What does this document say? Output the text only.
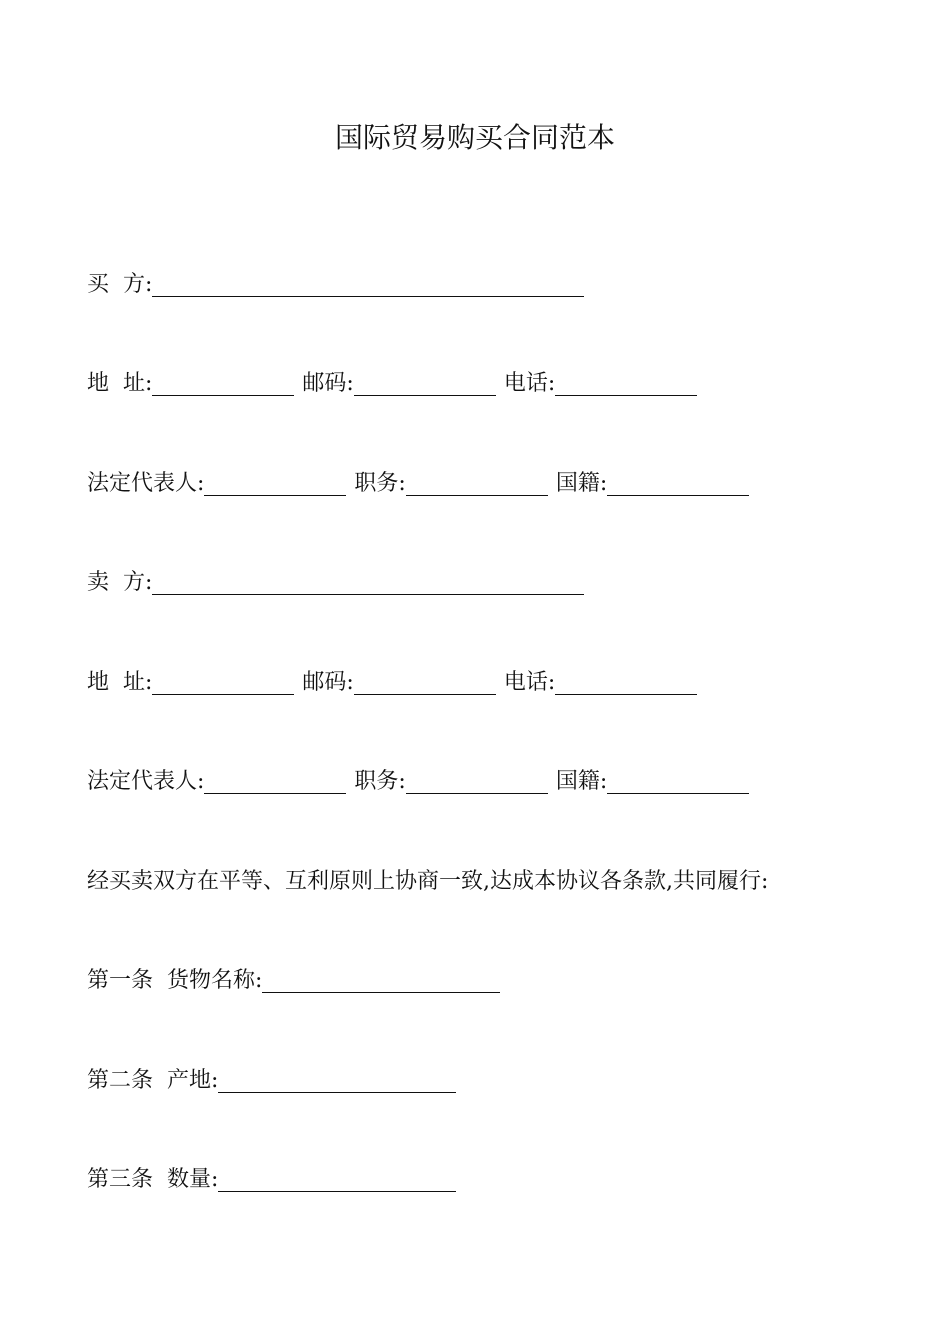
国际贸易购买合同范本
买  方:
地  址:	邮码:	电话:
法定代表人:	职务:	国籍:
卖  方:
地  址:	邮码:	电话:
法定代表人:	职务:	国籍:
经买卖双方在平等、互利原则上协商一致,达成本协议各条款,共同履行:
第一条  货物名称:
第二条  产地:
第三条  数量:
